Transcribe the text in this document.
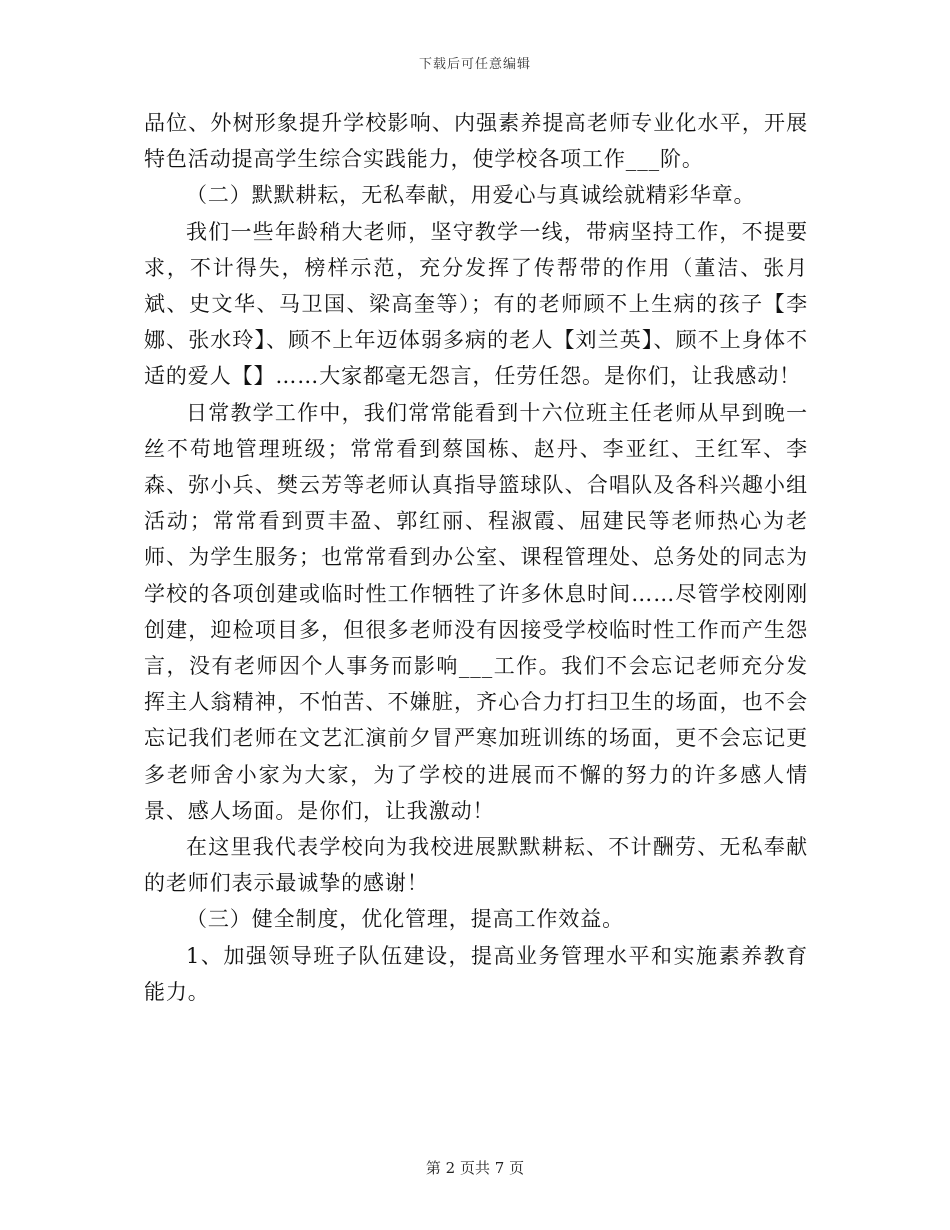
下载后可任意编辑

品位、外树形象提升学校影响、内强素养提高老师专业化水平，开展特色活动提高学生综合实践能力，使学校各项工作___阶。

（二）默默耕耘，无私奉献，用爱心与真诚绘就精彩华章。

我们一些年龄稍大老师，坚守教学一线，带病坚持工作，不提要求，不计得失，榜样示范，充分发挥了传帮带的作用（董洁、张月斌、史文华、马卫国、梁高奎等）；有的老师顾不上生病的孩子【李娜、张水玲】、顾不上年迈体弱多病的老人【刘兰英】、顾不上身体不适的爱人【】……大家都毫无怨言，任劳任怨。是你们，让我感动！

日常教学工作中，我们常常能看到十六位班主任老师从早到晚一丝不苟地管理班级；常常看到蔡国栋、赵丹、李亚红、王红军、李森、弥小兵、樊云芳等老师认真指导篮球队、合唱队及各科兴趣小组活动；常常看到贾丰盈、郭红丽、程淑霞、屈建民等老师热心为老师、为学生服务；也常常看到办公室、课程管理处、总务处的同志为学校的各项创建或临时性工作牺牲了许多休息时间……尽管学校刚刚创建，迎检项目多，但很多老师没有因接受学校临时性工作而产生怨言，没有老师因个人事务而影响___工作。我们不会忘记老师充分发挥主人翁精神，不怕苦、不嫌脏，齐心合力打扫卫生的场面，也不会忘记我们老师在文艺汇演前夕冒严寒加班训练的场面，更不会忘记更多老师舍小家为大家，为了学校的进展而不懈的努力的许多感人情景、感人场面。是你们，让我激动！

在这里我代表学校向为我校进展默默耕耘、不计酬劳、无私奉献的老师们表示最诚挚的感谢！

（三）健全制度，优化管理，提高工作效益。

1、加强领导班子队伍建设，提高业务管理水平和实施素养教育能力。

第 2 页共 7 页
